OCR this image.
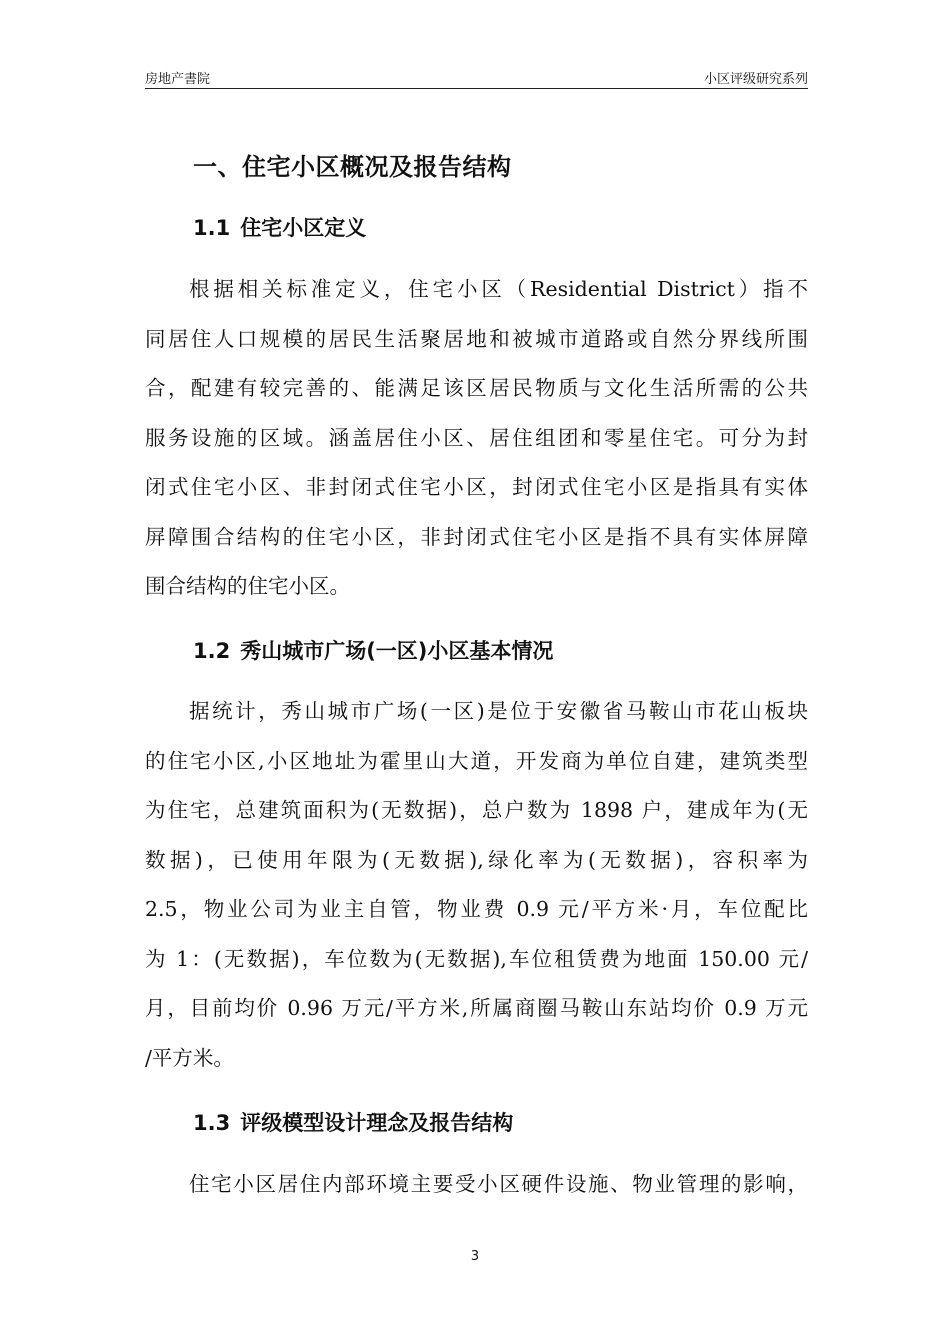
房地产書院	小区评级研究系列
一、住宅小区概况及报告结构
1.1 住宅小区定义
根据相关标准定义，住宅小区（Residential District）指不
同居住人口规模的居民生活聚居地和被城市道路或自然分界线所围
合，配建有较完善的、能满足该区居民物质与文化生活所需的公共
服务设施的区域。涵盖居住小区、居住组团和零星住宅。可分为封
闭式住宅小区、非封闭式住宅小区，封闭式住宅小区是指具有实体
屏障围合结构的住宅小区，非封闭式住宅小区是指不具有实体屏障
围合结构的住宅小区。
1.2 秀山城市广场(一区)小区基本情况
据统计，秀山城市广场(一区)是位于安徽省马鞍山市花山板块
的住宅小区,小区地址为霍里山大道，开发商为单位自建，建筑类型
为住宅，总建筑面积为(无数据)，总户数为 1898 户，建成年为(无
数据)，已使用年限为(无数据),绿化率为(无数据)，容积率为
2.5，物业公司为业主自管，物业费 0.9 元/平方米·月，车位配比
为 1：(无数据)，车位数为(无数据),车位租赁费为地面 150.00 元/
月，目前均价 0.96 万元/平方米,所属商圈马鞍山东站均价 0.9 万元
/平方米。
1.3 评级模型设计理念及报告结构
住宅小区居住内部环境主要受小区硬件设施、物业管理的影响，
3
